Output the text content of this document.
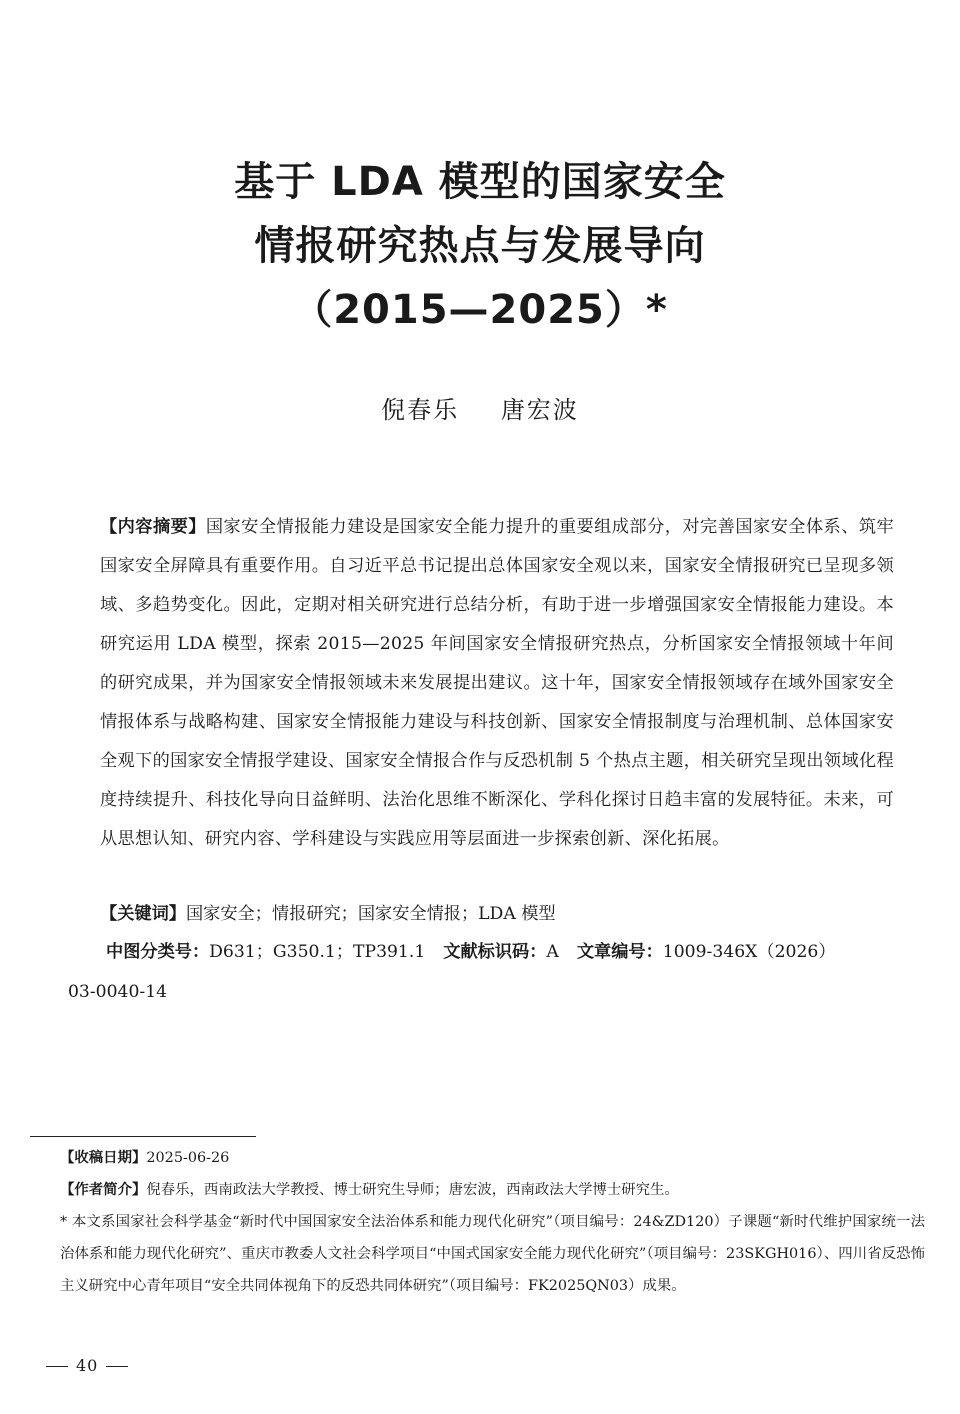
基于 LDA 模型的国家安全
情报研究热点与发展导向
（2015—2025）*
倪春乐 唐宏波
【内容摘要】国家安全情报能力建设是国家安全能力提升的重要组成部分，对完善国家安全体系、筑牢国家安全屏障具有重要作用。自习近平总书记提出总体国家安全观以来，国家安全情报研究已呈现多领域、多趋势变化。因此，定期对相关研究进行总结分析，有助于进一步增强国家安全情报能力建设。本研究运用 LDA 模型，探索 2015—2025 年间国家安全情报研究热点，分析国家安全情报领域十年间的研究成果，并为国家安全情报领域未来发展提出建议。这十年，国家安全情报领域存在域外国家安全情报体系与战略构建、国家安全情报能力建设与科技创新、国家安全情报制度与治理机制、总体国家安全观下的国家安全情报学建设、国家安全情报合作与反恐机制 5 个热点主题，相关研究呈现出领域化程度持续提升、科技化导向日益鲜明、法治化思维不断深化、学科化探讨日趋丰富的发展特征。未来，可从思想认知、研究内容、学科建设与实践应用等层面进一步探索创新、深化拓展。
【关键词】国家安全；情报研究；国家安全情报；LDA 模型
中图分类号：D631；G350.1；TP391.1 文献标识码：A 文章编号：1009-346X（2026）
03-0040-14
【收稿日期】2025-06-26
【作者简介】倪春乐，西南政法大学教授、博士研究生导师；唐宏波，西南政法大学博士研究生。
* 本文系国家社会科学基金“新时代中国国家安全法治体系和能力现代化研究”（项目编号：24&ZD120）子课题“新时代维护国家统一法治体系和能力现代化研究”、重庆市教委人文社会科学项目“中国式国家安全能力现代化研究”（项目编号：23SKGH016）、四川省反恐怖主义研究中心青年项目“安全共同体视角下的反恐共同体研究”（项目编号：FK2025QN03）成果。
40
